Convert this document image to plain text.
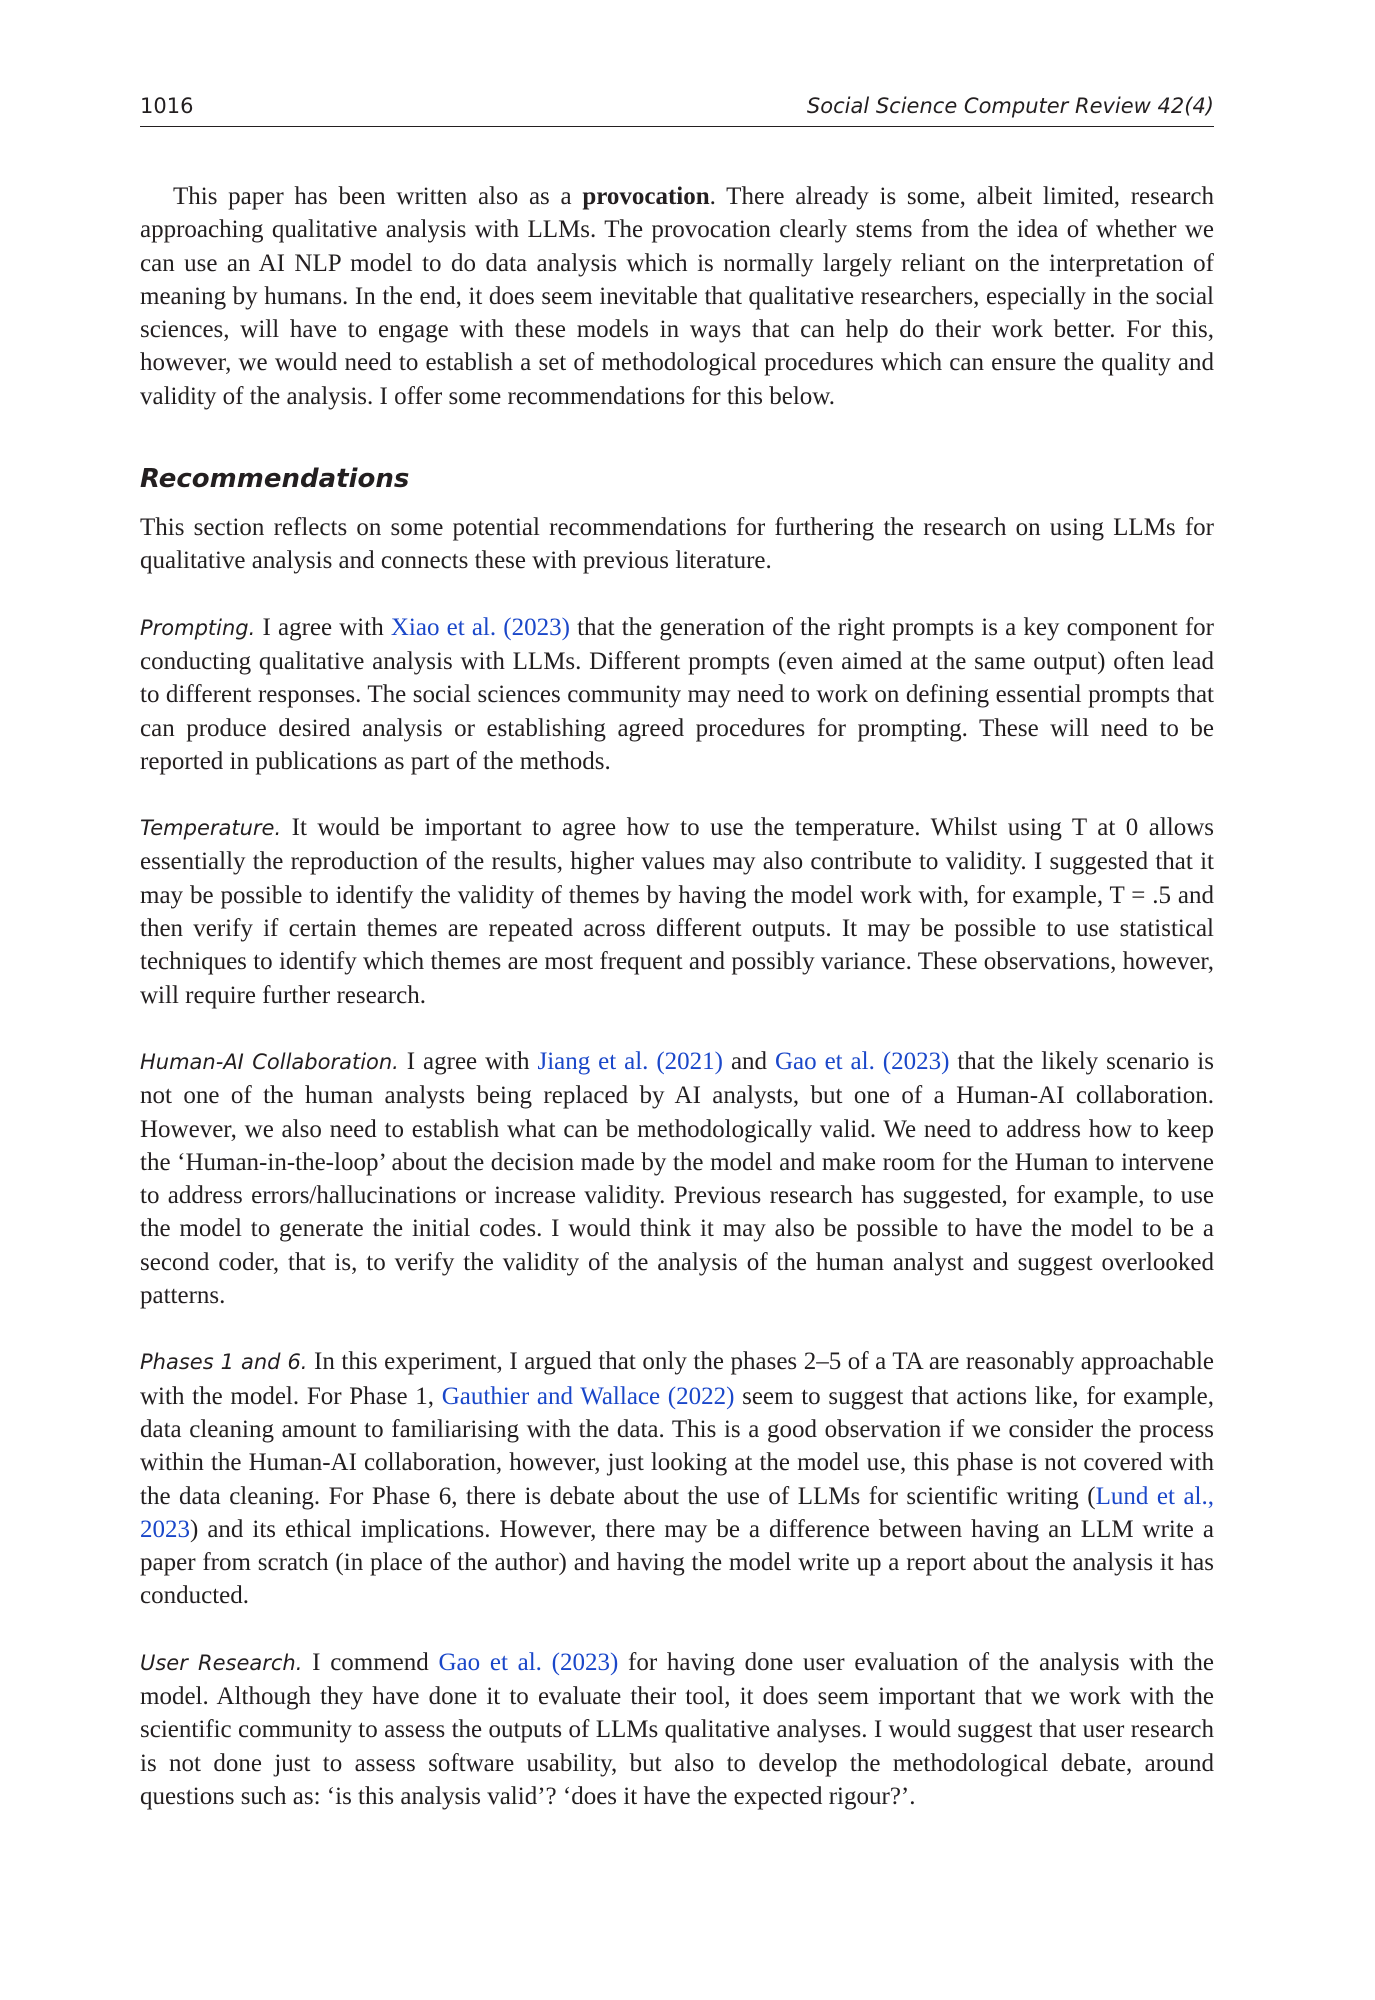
1016	Social Science Computer Review 42(4)

This paper has been written also as a provocation. There already is some, albeit limited, research approaching qualitative analysis with LLMs. The provocation clearly stems from the idea of whether we can use an AI NLP model to do data analysis which is normally largely reliant on the interpretation of meaning by humans. In the end, it does seem inevitable that qualitative researchers, especially in the social sciences, will have to engage with these models in ways that can help do their work better. For this, however, we would need to establish a set of methodological procedures which can ensure the quality and validity of the analysis. I offer some recommendations for this below.

Recommendations

This section reflects on some potential recommendations for furthering the research on using LLMs for qualitative analysis and connects these with previous literature.

Prompting. I agree with Xiao et al. (2023) that the generation of the right prompts is a key component for conducting qualitative analysis with LLMs. Different prompts (even aimed at the same output) often lead to different responses. The social sciences community may need to work on defining essential prompts that can produce desired analysis or establishing agreed procedures for prompting. These will need to be reported in publications as part of the methods.

Temperature. It would be important to agree how to use the temperature. Whilst using T at 0 allows essentially the reproduction of the results, higher values may also contribute to validity. I suggested that it may be possible to identify the validity of themes by having the model work with, for example, T = .5 and then verify if certain themes are repeated across different outputs. It may be possible to use statistical techniques to identify which themes are most frequent and possibly variance. These observations, however, will require further research.

Human-AI Collaboration. I agree with Jiang et al. (2021) and Gao et al. (2023) that the likely scenario is not one of the human analysts being replaced by AI analysts, but one of a Human-AI collaboration. However, we also need to establish what can be methodologically valid. We need to address how to keep the ‘Human-in-the-loop’ about the decision made by the model and make room for the Human to intervene to address errors/hallucinations or increase validity. Previous research has suggested, for example, to use the model to generate the initial codes. I would think it may also be possible to have the model to be a second coder, that is, to verify the validity of the analysis of the human analyst and suggest overlooked patterns.

Phases 1 and 6. In this experiment, I argued that only the phases 2–5 of a TA are reasonably approachable with the model. For Phase 1, Gauthier and Wallace (2022) seem to suggest that actions like, for example, data cleaning amount to familiarising with the data. This is a good observation if we consider the process within the Human-AI collaboration, however, just looking at the model use, this phase is not covered with the data cleaning. For Phase 6, there is debate about the use of LLMs for scientific writing (Lund et al., 2023) and its ethical implications. However, there may be a difference between having an LLM write a paper from scratch (in place of the author) and having the model write up a report about the analysis it has conducted.

User Research. I commend Gao et al. (2023) for having done user evaluation of the analysis with the model. Although they have done it to evaluate their tool, it does seem important that we work with the scientific community to assess the outputs of LLMs qualitative analyses. I would suggest that user research is not done just to assess software usability, but also to develop the methodological debate, around questions such as: ‘is this analysis valid’? ‘does it have the expected rigour?’.
